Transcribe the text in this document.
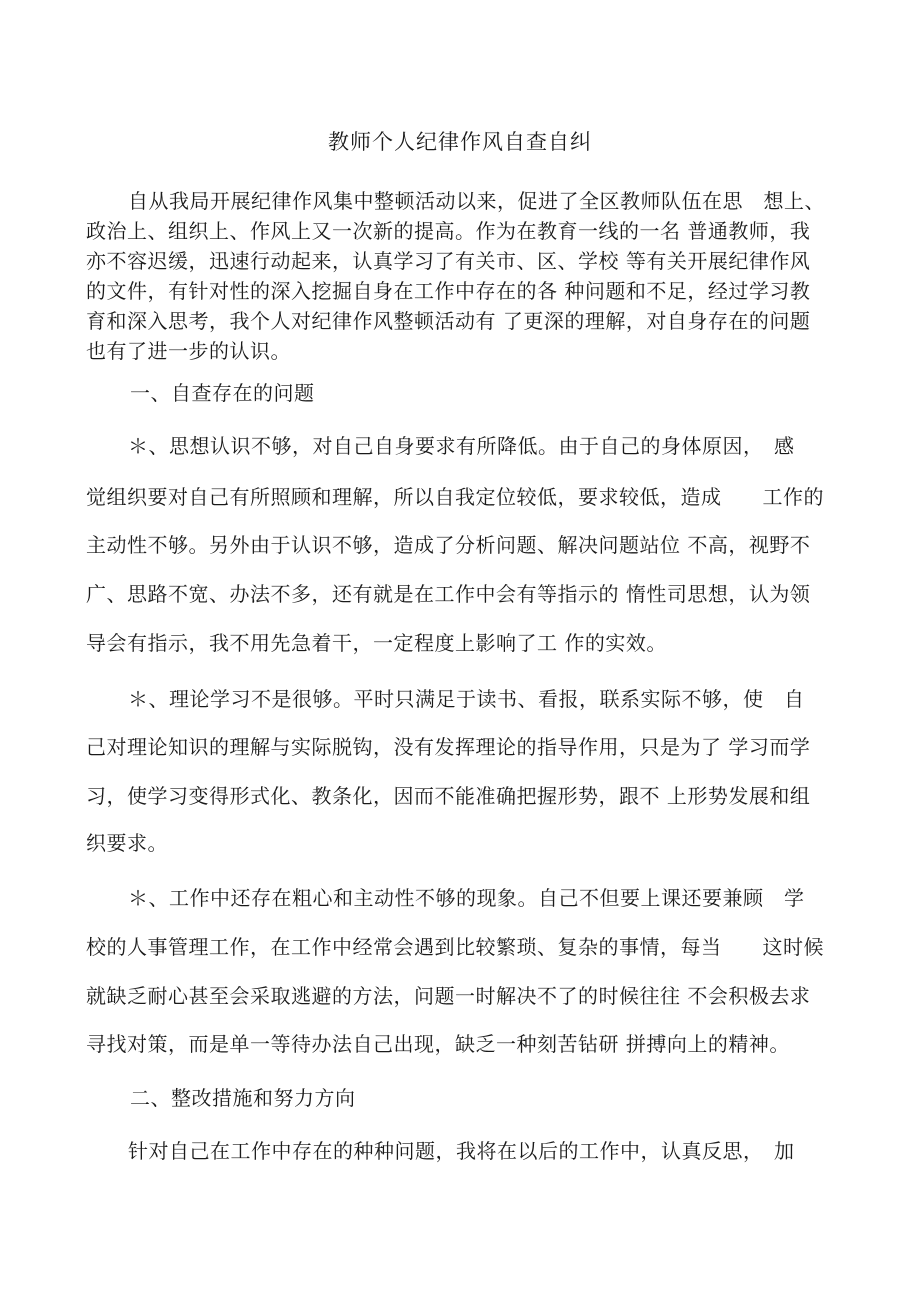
教师个人纪律作风自查自纠
自从我局开展纪律作风集中整顿活动以来，促进了全区教师队伍在思　想上、
政治上、组织上、作风上又一次新的提高。作为在教育一线的一名 普通教师，我
亦不容迟缓，迅速行动起来，认真学习了有关市、区、学校 等有关开展纪律作风
的文件，有针对性的深入挖掘自身在工作中存在的各 种问题和不足，经过学习教
育和深入思考，我个人对纪律作风整顿活动有 了更深的理解，对自身存在的问题
也有了进一步的认识。
一、自查存在的问题
＊、思想认识不够，对自己自身要求有所降低。由于自己的身体原因，　感
觉组织要对自己有所照顾和理解，所以自我定位较低，要求较低，造成　　工作的
主动性不够。另外由于认识不够，造成了分析问题、解决问题站位 不高，视野不
广、思路不宽、办法不多，还有就是在工作中会有等指示的 惰性司思想，认为领
导会有指示，我不用先急着干，一定程度上影响了工 作的实效。
＊、理论学习不是很够。平时只满足于读书、看报，联系实际不够，使　自
己对理论知识的理解与实际脱钩，没有发挥理论的指导作用，只是为了 学习而学
习，使学习变得形式化、教条化，因而不能准确把握形势，跟不 上形势发展和组
织要求。
＊、工作中还存在粗心和主动性不够的现象。自己不但要上课还要兼顾　学
校的人事管理工作，在工作中经常会遇到比较繁琐、复杂的事情，每当　　这时候
就缺乏耐心甚至会采取逃避的方法，问题一时解决不了的时候往往 不会积极去求
寻找对策，而是单一等待办法自己出现，缺乏一种刻苦钻研 拼搏向上的精神。
二、整改措施和努力方向
针对自己在工作中存在的种种问题，我将在以后的工作中，认真反思，　加
